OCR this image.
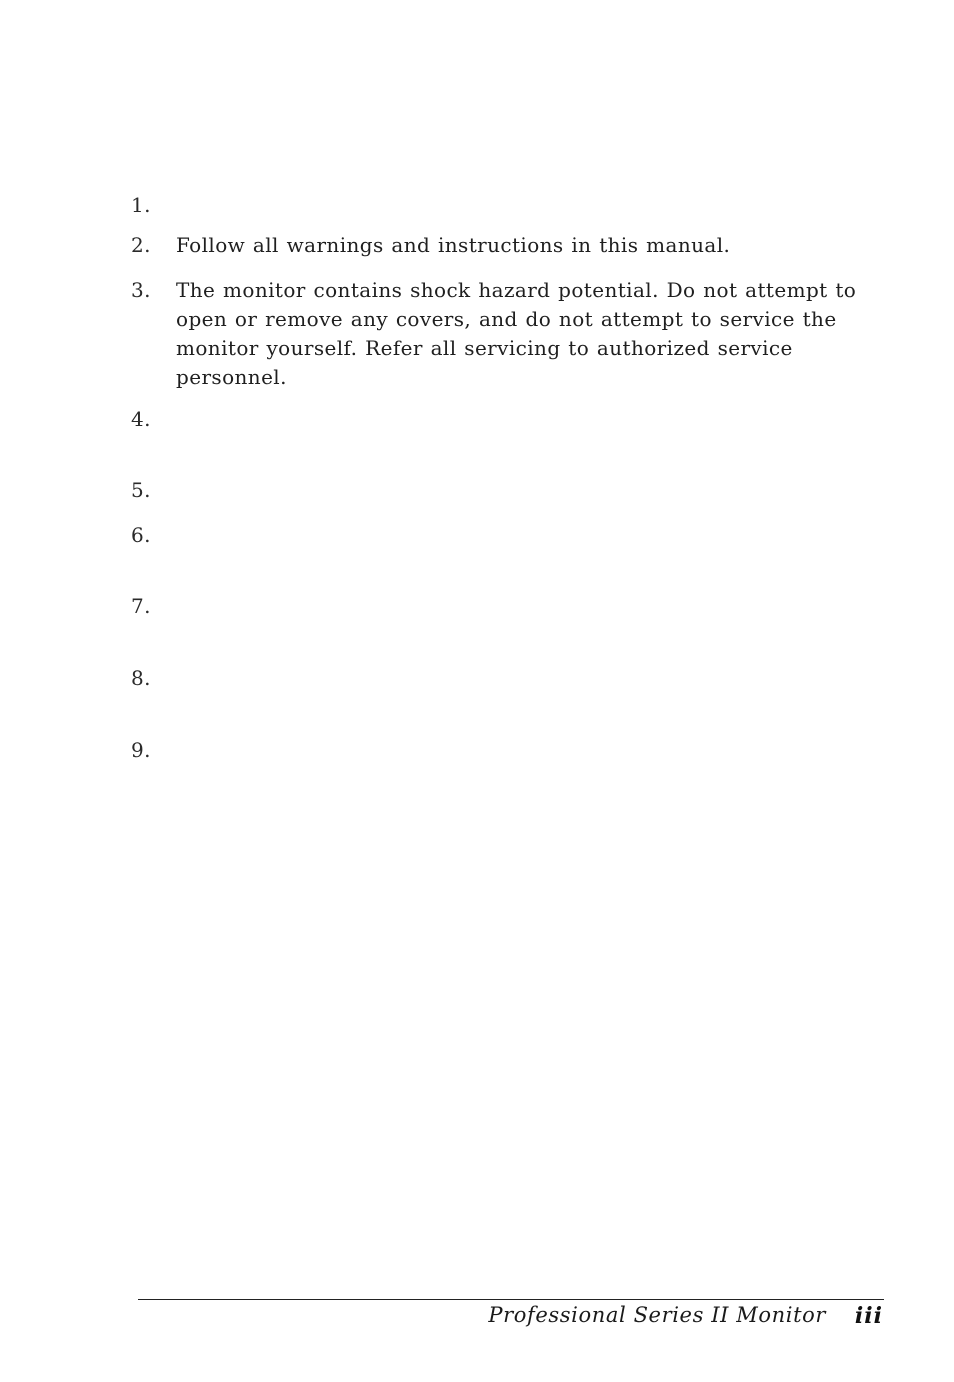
1.
2.	Follow all warnings and instructions in this manual.
3.	The monitor contains shock hazard potential. Do not attempt to open or remove any covers, and do not attempt to service the monitor yourself. Refer all servicing to authorized service personnel.
4.
5.
6.
7.
8.
9.
Professional Series II Monitor iii
